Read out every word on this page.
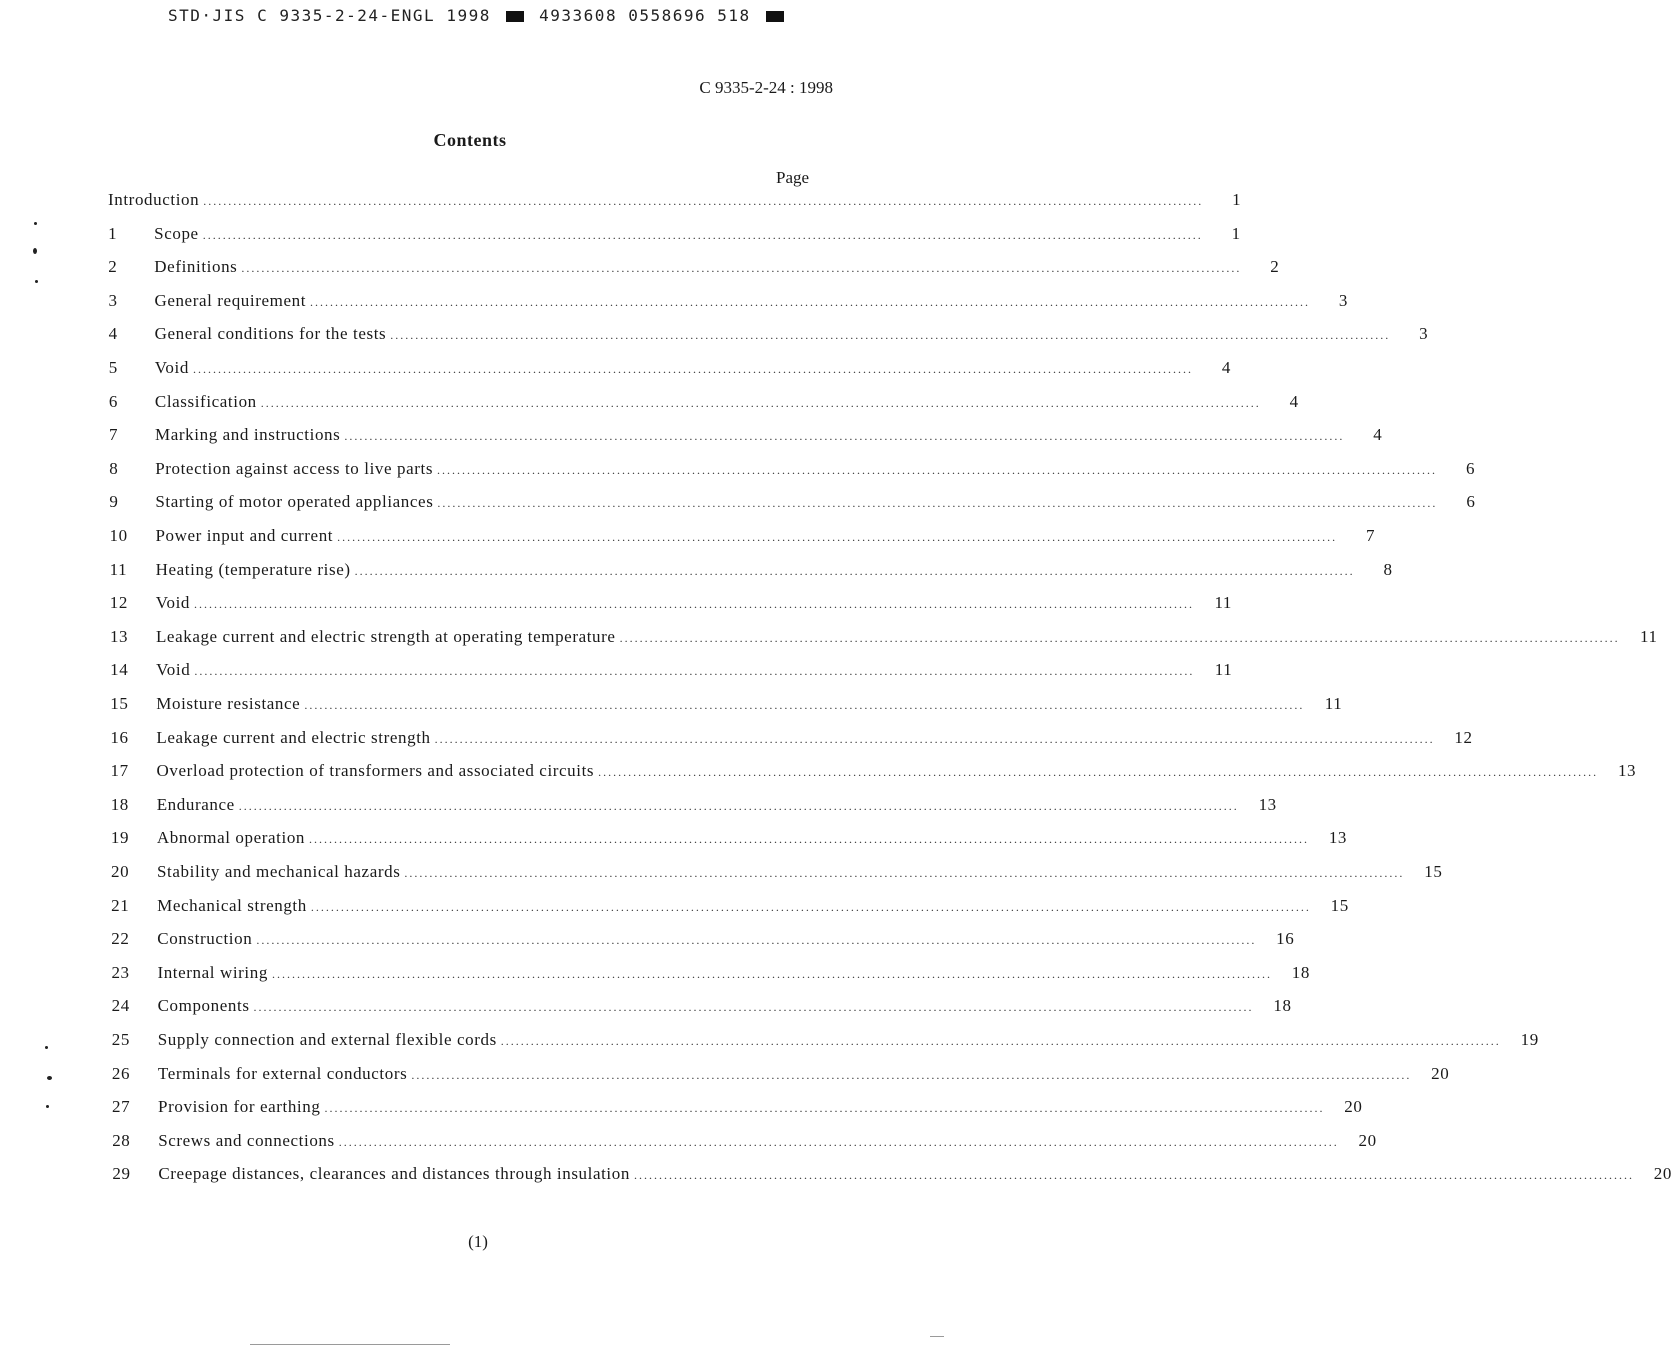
STD·JIS C 9335-2-24-ENGL 1998	4933608 0558696 518
C 9335-2-24 : 1998
Contents
Page
Introduction ........................................................................................................................................................................................................	1
1	Scope ........................................................................................................................................................................................................	1
2	Definitions ........................................................................................................................................................................................................	2
3	General requirement ........................................................................................................................................................................................................	3
4	General conditions for the tests ........................................................................................................................................................................................................	3
5	Void ........................................................................................................................................................................................................	4
6	Classification ........................................................................................................................................................................................................	4
7	Marking and instructions ........................................................................................................................................................................................................	4
8	Protection against access to live parts ........................................................................................................................................................................................................	6
9	Starting of motor operated appliances ........................................................................................................................................................................................................	6
10	Power input and current ........................................................................................................................................................................................................	7
11	Heating (temperature rise) ........................................................................................................................................................................................................	8
12	Void ........................................................................................................................................................................................................	11
13	Leakage current and electric strength at operating temperature ........................................................................................................................................................................................................	11
14	Void ........................................................................................................................................................................................................	11
15	Moisture resistance ........................................................................................................................................................................................................	11
16	Leakage current and electric strength ........................................................................................................................................................................................................	12
17	Overload protection of transformers and associated circuits ........................................................................................................................................................................................................	13
18	Endurance ........................................................................................................................................................................................................	13
19	Abnormal operation ........................................................................................................................................................................................................	13
20	Stability and mechanical hazards ........................................................................................................................................................................................................	15
21	Mechanical strength ........................................................................................................................................................................................................	15
22	Construction ........................................................................................................................................................................................................	16
23	Internal wiring ........................................................................................................................................................................................................	18
24	Components ........................................................................................................................................................................................................	18
25	Supply connection and external flexible cords ........................................................................................................................................................................................................	19
26	Terminals for external conductors ........................................................................................................................................................................................................	20
27	Provision for earthing ........................................................................................................................................................................................................	20
28	Screws and connections ........................................................................................................................................................................................................	20
29	Creepage distances, clearances and distances through insulation ........................................................................................................................................................................................................	20
(1)
